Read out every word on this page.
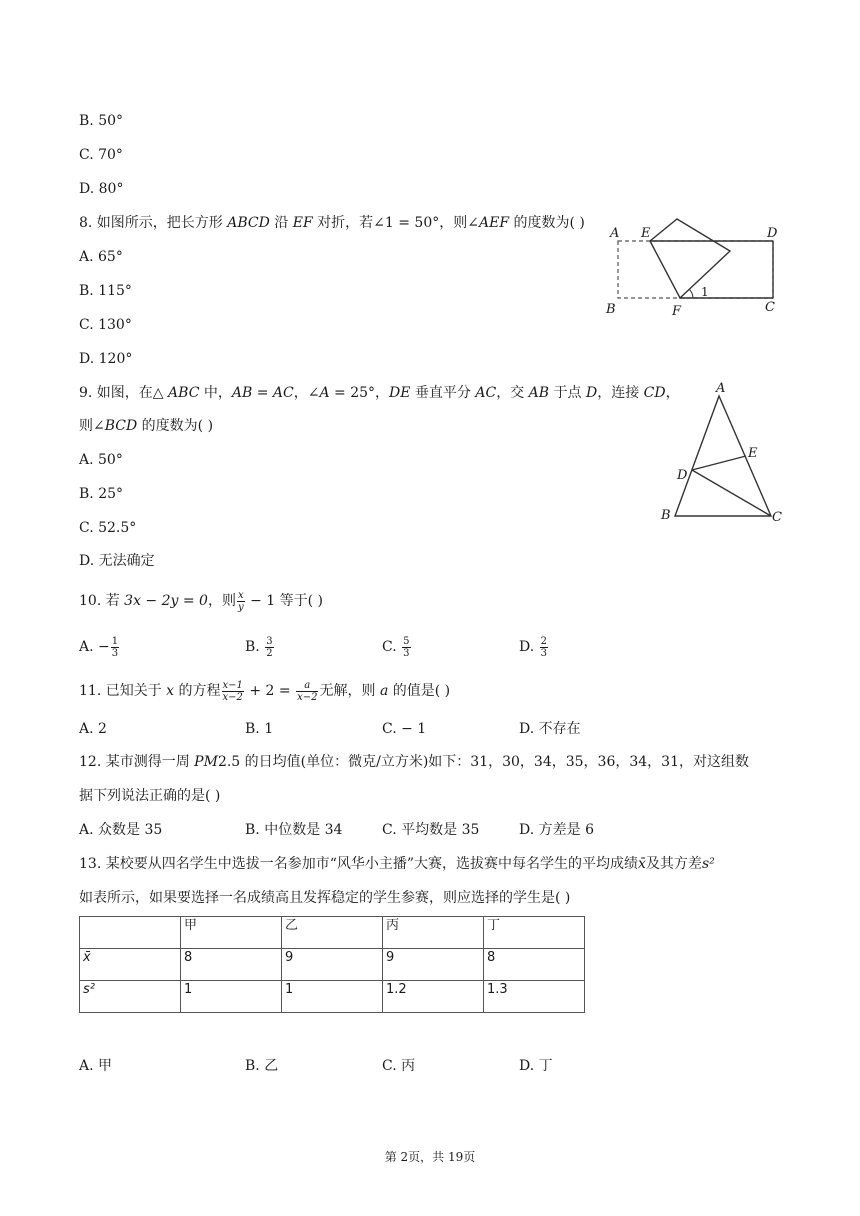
B. 50°
C. 70°
D. 80°
8. 如图所示，把长方形 ABCD 沿 EF 对折，若∠1 = 50°，则∠AEF 的度数为( )
A. 65°
B. 115°
C. 130°
D. 120°
A E	D
B	F	C
1
9. 如图，在△ ABC 中，AB = AC，∠A = 25°，DE 垂直平分 AC，交 AB 于点 D，连接 CD，
则∠BCD 的度数为( )
A. 50°
B. 25°
C. 52.5°
D. 无法确定
A
E
D
B	C
10. 若 3x − 2y = 0，则 $\frac{x}{y} - 1$ 等于( )
A. − $\frac{1}{3}$	B. $\frac{3}{2}$	C. $\frac{5}{3}$	D. $\frac{2}{3}$
11. 已知关于 x 的方程 $\frac{x-1}{x-2} + 2 = \frac{a}{x-2}$ 无解，则 a 的值是( )
A. 2	B. 1	C. − 1	D. 不存在
12. 某市测得一周 PM2.5 的日均值(单位：微克/立方米)如下：31，30，34，35，36，34，31，对这组数
据下列说法正确的是( )
A. 众数是 35	B. 中位数是 34	C. 平均数是 35	D. 方差是 6
13. 某校要从四名学生中选拔一名参加市“风华小主播”大赛，选拔赛中每名学生的平均成绩x̄及其方差s²
如表所示，如果要选择一名成绩高且发挥稳定的学生参赛，则应选择的学生是( )
	甲	乙	丙	丁
x̄	8	9	9	8
s²	1	1	1.2	1.3
A. 甲	B. 乙	C. 丙	D. 丁
第 2页，共 19页
